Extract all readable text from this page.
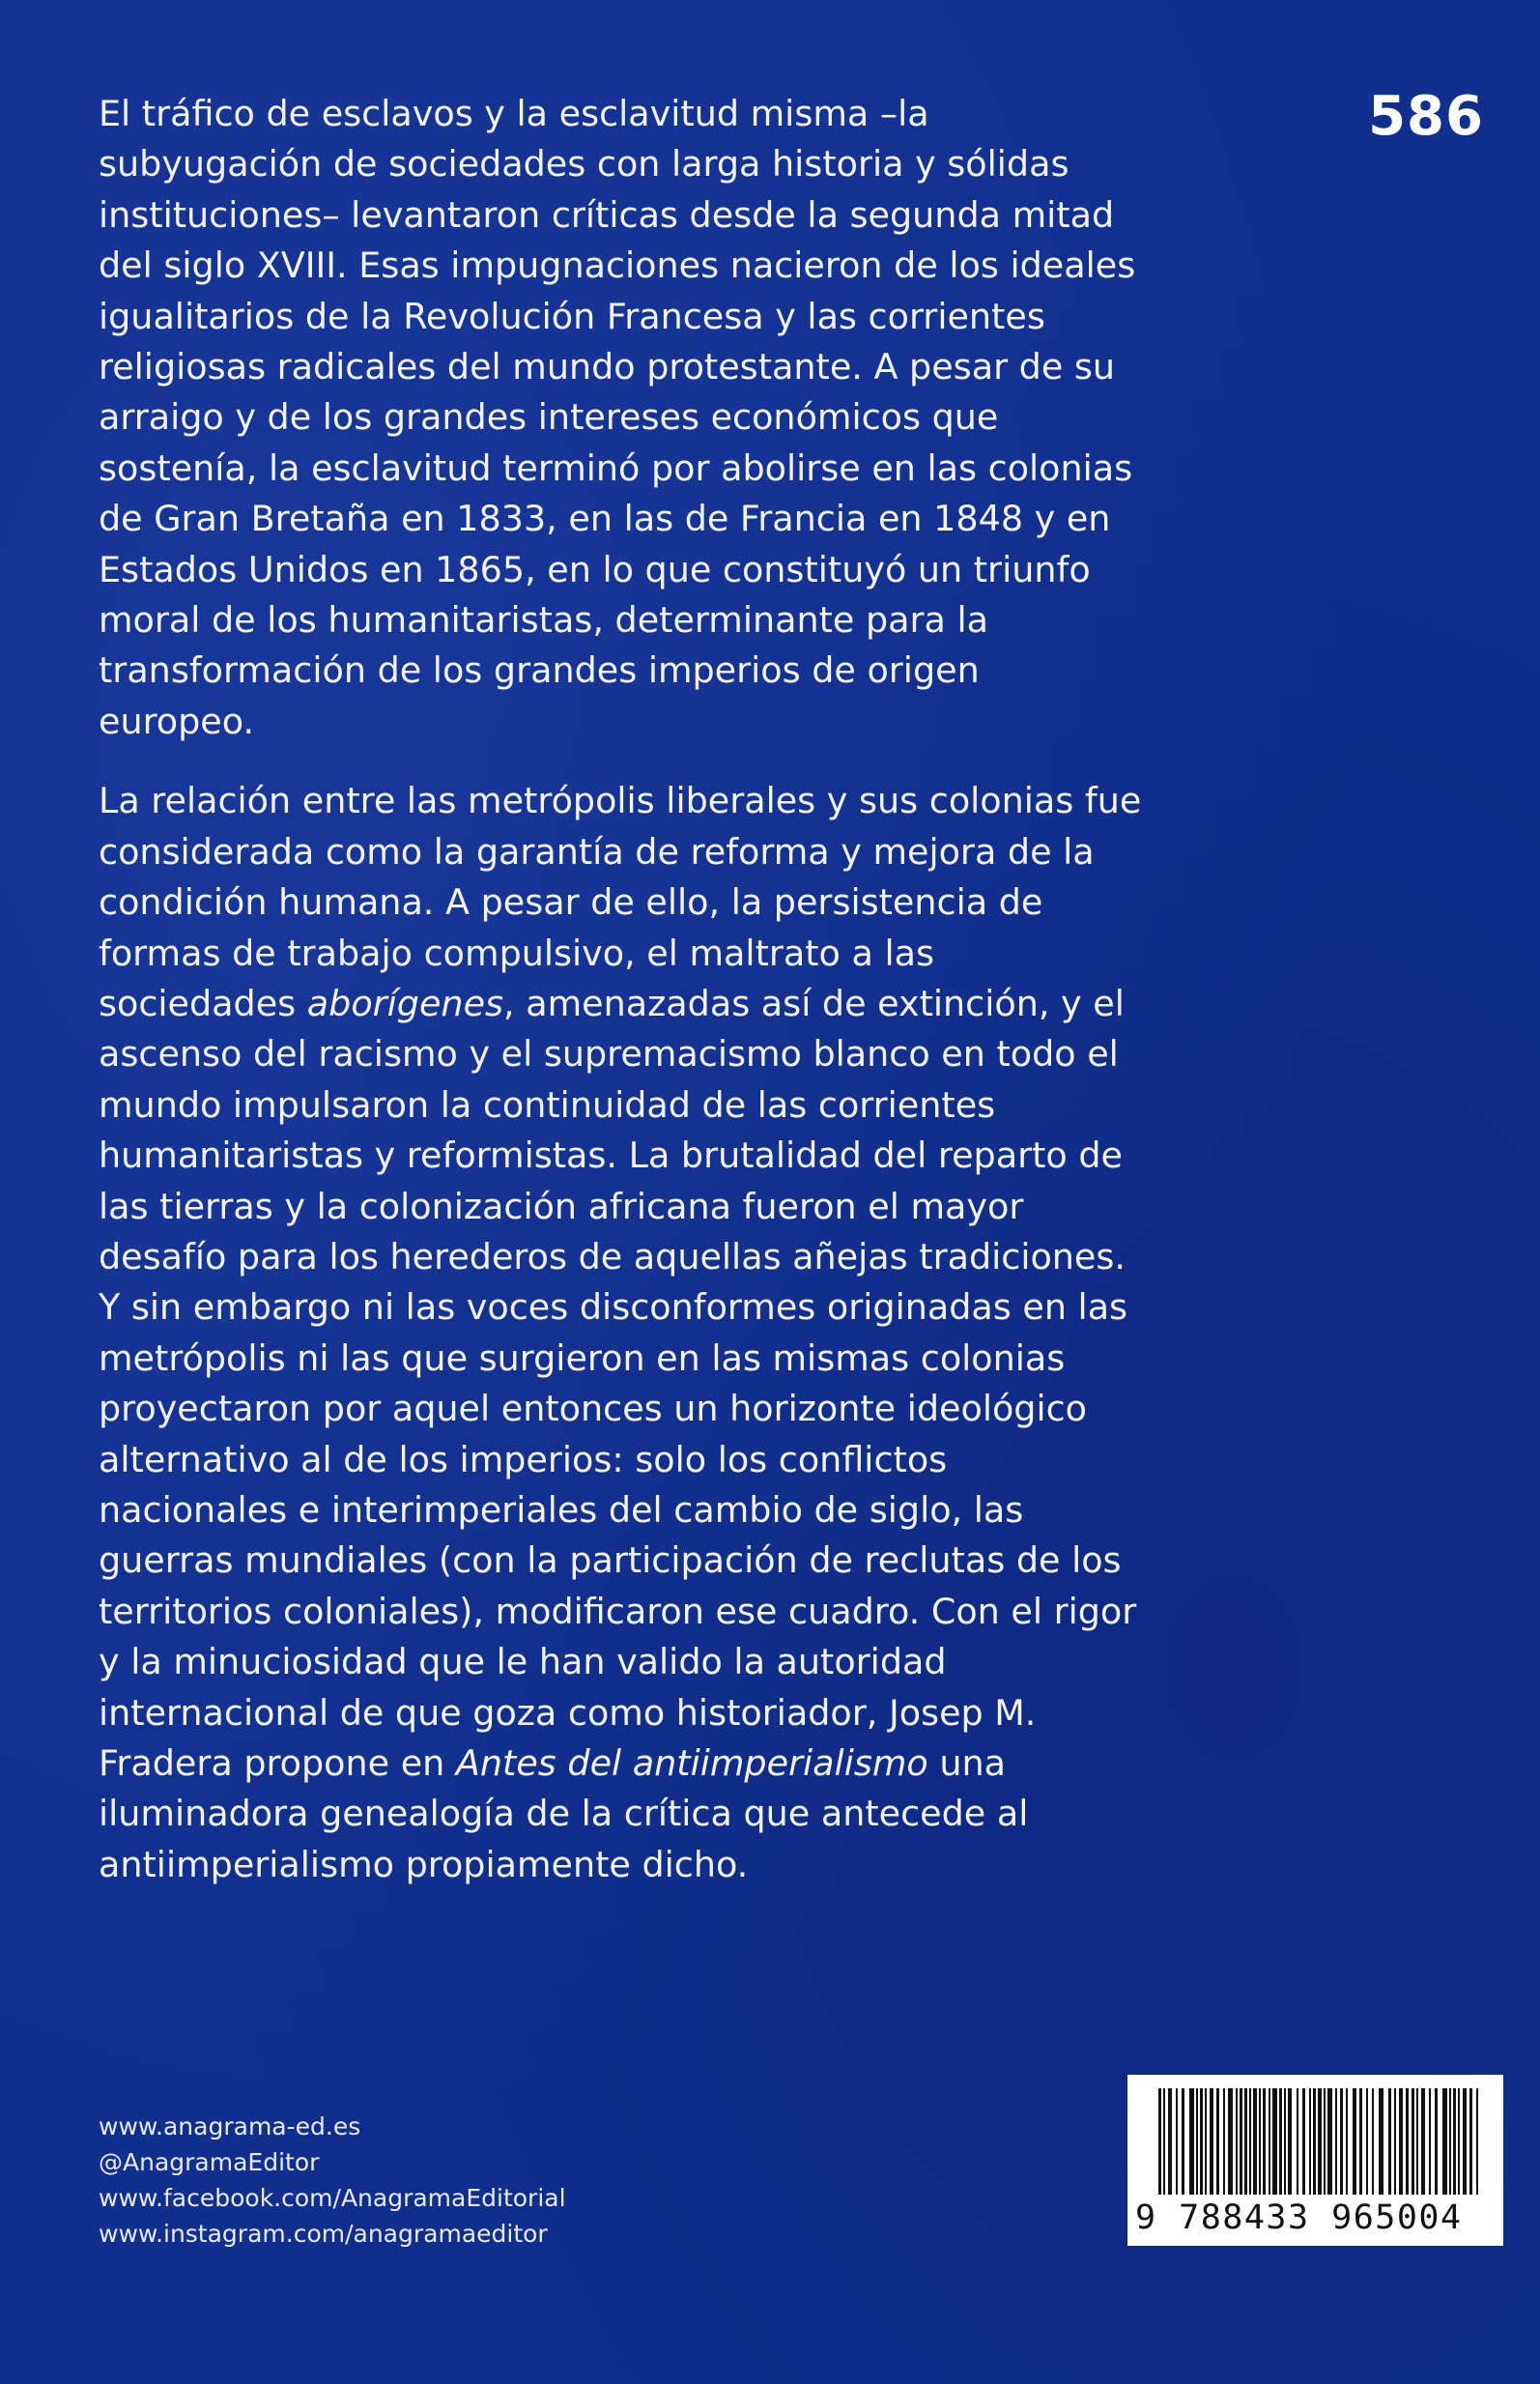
586

El tráfico de esclavos y la esclavitud misma –la subyugación de sociedades con larga historia y sólidas instituciones– levantaron críticas desde la segunda mitad del siglo XVIII. Esas impugnaciones nacieron de los ideales igualitarios de la Revolución Francesa y las corrientes religiosas radicales del mundo protestante. A pesar de su arraigo y de los grandes intereses económicos que sostenía, la esclavitud terminó por abolirse en las colonias de Gran Bretaña en 1833, en las de Francia en 1848 y en Estados Unidos en 1865, en lo que constituyó un triunfo moral de los humanitaristas, determinante para la transformación de los grandes imperios de origen europeo.

La relación entre las metrópolis liberales y sus colonias fue considerada como la garantía de reforma y mejora de la condición humana. A pesar de ello, la persistencia de formas de trabajo compulsivo, el maltrato a las sociedades aborígenes, amenazadas así de extinción, y el ascenso del racismo y el supremacismo blanco en todo el mundo impulsaron la continuidad de las corrientes humanitaristas y reformistas. La brutalidad del reparto de las tierras y la colonización africana fueron el mayor desafío para los herederos de aquellas añejas tradiciones. Y sin embargo ni las voces disconformes originadas en las metrópolis ni las que surgieron en las mismas colonias proyectaron por aquel entonces un horizonte ideológico alternativo al de los imperios: solo los conflictos nacionales e interimperiales del cambio de siglo, las guerras mundiales (con la participación de reclutas de los territorios coloniales), modificaron ese cuadro. Con el rigor y la minuciosidad que le han valido la autoridad internacional de que goza como historiador, Josep M. Fradera propone en Antes del antiimperialismo una iluminadora genealogía de la crítica que antecede al antiimperialismo propiamente dicho.

www.anagrama-ed.es
@AnagramaEditor
www.facebook.com/AnagramaEditorial
www.instagram.com/anagramaeditor	9 788433 965004
